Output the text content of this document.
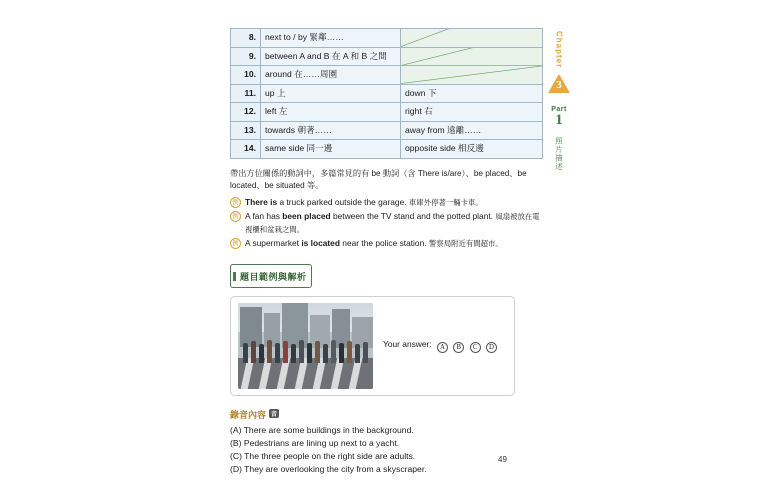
8.	next to / by 緊鄰……	

9.	between A and B 在 A 和 B 之間	

10.	around 在……周圍	

11.	up 上	down 下
12.	left 左	right 右
13.	towards 朝著……	away from 遠離……
14.	same side 同一邊	opposite side 相反邊
帶出方位關係的動詞中，多篇常見的有 be 動詞（含 There is/are）、be placed、be located、be situated 等。
例 There is a truck parked outside the garage. 車庫外停著一輛卡車。
例 A fan has been placed between the TV stand and the potted plant. 風扇被放在電視櫃和盆栽之間。
例 A supermarket is located near the police station. 警察局附近有間超市。
題目範例與解析
Your answer: A B C D
錄音內容 音
(A) There are some buildings in the background.
(B) Pedestrians are lining up next to a yacht.
(C) The three people on the right side are adults.
(D) They are overlooking the city from a skyscraper.
Chapter
3
Part
1
照片描述
49
